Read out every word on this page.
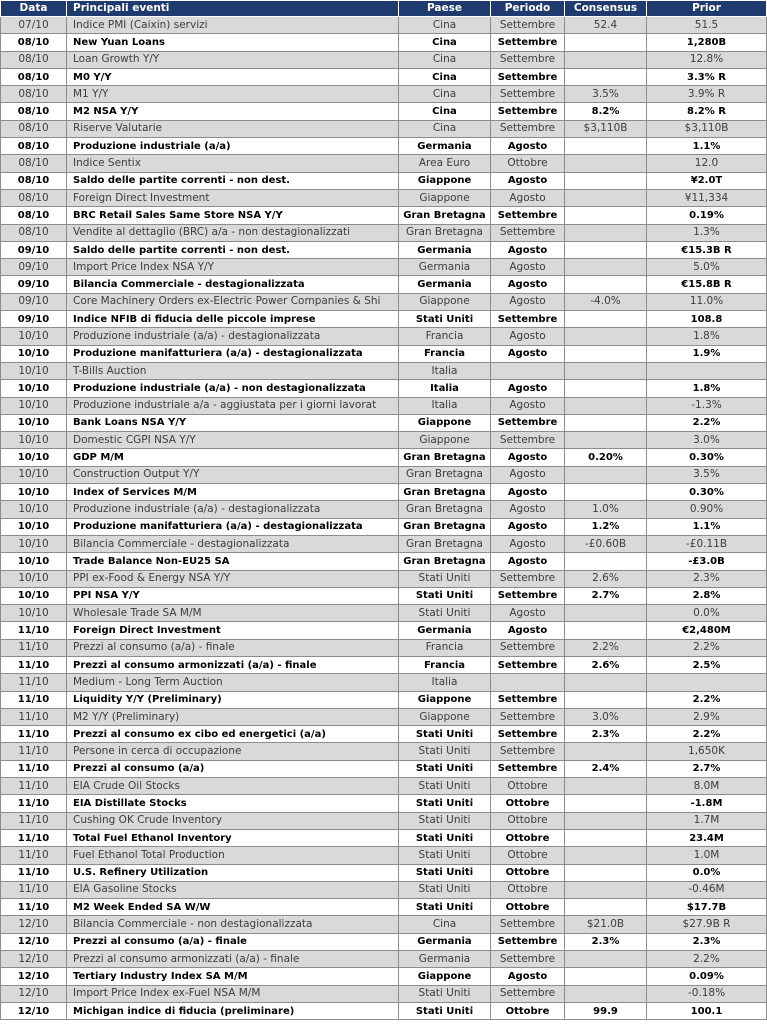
Data	Principali eventi	Paese	Periodo	Consensus	Prior
07/10	Indice PMI (Caixin) servizi	Cina	Settembre	52.4	51.5
08/10	New Yuan Loans	Cina	Settembre		1,280B
08/10	Loan Growth Y/Y	Cina	Settembre		12.8%
08/10	M0 Y/Y	Cina	Settembre		3.3% R
08/10	M1 Y/Y	Cina	Settembre	3.5%	3.9% R
08/10	M2 NSA Y/Y	Cina	Settembre	8.2%	8.2% R
08/10	Riserve Valutarie	Cina	Settembre	$3,110B	$3,110B
08/10	Produzione industriale (a/a)	Germania	Agosto		1.1%
08/10	Indice Sentix	Area Euro	Ottobre		12.0
08/10	Saldo delle partite correnti - non dest.	Giappone	Agosto		¥2.0T
08/10	Foreign Direct Investment	Giappone	Agosto		¥11,334
08/10	BRC Retail Sales Same Store NSA Y/Y	Gran Bretagna	Settembre		0.19%
08/10	Vendite al dettaglio (BRC) a/a - non destagionalizzati	Gran Bretagna	Settembre		1.3%
09/10	Saldo delle partite correnti - non dest.	Germania	Agosto		€15.3B R
09/10	Import Price Index NSA Y/Y	Germania	Agosto		5.0%
09/10	Bilancia Commerciale - destagionalizzata	Germania	Agosto		€15.8B R
09/10	Core Machinery Orders ex-Electric Power Companies & Shi	Giappone	Agosto	-4.0%	11.0%
09/10	Indice NFIB di fiducia delle piccole imprese	Stati Uniti	Settembre		108.8
10/10	Produzione industriale (a/a) - destagionalizzata	Francia	Agosto		1.8%
10/10	Produzione manifatturiera (a/a) - destagionalizzata	Francia	Agosto		1.9%
10/10	T-Bills Auction	Italia			
10/10	Produzione industriale (a/a) - non destagionalizzata	Italia	Agosto		1.8%
10/10	Produzione industriale a/a - aggiustata per i giorni lavorat	Italia	Agosto		-1.3%
10/10	Bank Loans NSA Y/Y	Giappone	Settembre		2.2%
10/10	Domestic CGPI NSA Y/Y	Giappone	Settembre		3.0%
10/10	GDP M/M	Gran Bretagna	Agosto	0.20%	0.30%
10/10	Construction Output Y/Y	Gran Bretagna	Agosto		3.5%
10/10	Index of Services M/M	Gran Bretagna	Agosto		0.30%
10/10	Produzione industriale (a/a) - destagionalizzata	Gran Bretagna	Agosto	1.0%	0.90%
10/10	Produzione manifatturiera (a/a) - destagionalizzata	Gran Bretagna	Agosto	1.2%	1.1%
10/10	Bilancia Commerciale - destagionalizzata	Gran Bretagna	Agosto	-£0.60B	-£0.11B
10/10	Trade Balance Non-EU25 SA	Gran Bretagna	Agosto		-£3.0B
10/10	PPI ex-Food & Energy NSA Y/Y	Stati Uniti	Settembre	2.6%	2.3%
10/10	PPI NSA Y/Y	Stati Uniti	Settembre	2.7%	2.8%
10/10	Wholesale Trade SA M/M	Stati Uniti	Agosto		0.0%
11/10	Foreign Direct Investment	Germania	Agosto		€2,480M
11/10	Prezzi al consumo (a/a) - finale	Francia	Settembre	2.2%	2.2%
11/10	Prezzi al consumo armonizzati (a/a) - finale	Francia	Settembre	2.6%	2.5%
11/10	Medium - Long Term Auction	Italia			
11/10	Liquidity Y/Y (Preliminary)	Giappone	Settembre		2.2%
11/10	M2 Y/Y (Preliminary)	Giappone	Settembre	3.0%	2.9%
11/10	Prezzi al consumo ex cibo ed energetici (a/a)	Stati Uniti	Settembre	2.3%	2.2%
11/10	Persone in cerca di occupazione	Stati Uniti	Settembre		1,650K
11/10	Prezzi al consumo (a/a)	Stati Uniti	Settembre	2.4%	2.7%
11/10	EIA Crude Oil Stocks	Stati Uniti	Ottobre		8.0M
11/10	EIA Distillate Stocks	Stati Uniti	Ottobre		-1.8M
11/10	Cushing OK Crude Inventory	Stati Uniti	Ottobre		1.7M
11/10	Total Fuel Ethanol Inventory	Stati Uniti	Ottobre		23.4M
11/10	Fuel Ethanol Total Production	Stati Uniti	Ottobre		1.0M
11/10	U.S. Refinery Utilization	Stati Uniti	Ottobre		0.0%
11/10	EIA Gasoline Stocks	Stati Uniti	Ottobre		-0.46M
11/10	M2 Week Ended SA W/W	Stati Uniti	Ottobre		$17.7B
12/10	Bilancia Commerciale - non destagionalizzata	Cina	Settembre	$21.0B	$27.9B R
12/10	Prezzi al consumo (a/a) - finale	Germania	Settembre	2.3%	2.3%
12/10	Prezzi al consumo armonizzati (a/a) - finale	Germania	Settembre		2.2%
12/10	Tertiary Industry Index SA M/M	Giappone	Agosto		0.09%
12/10	Import Price Index ex-Fuel NSA M/M	Stati Uniti	Settembre		-0.18%
12/10	Michigan indice di fiducia (preliminare)	Stati Uniti	Ottobre	99.9	100.1
